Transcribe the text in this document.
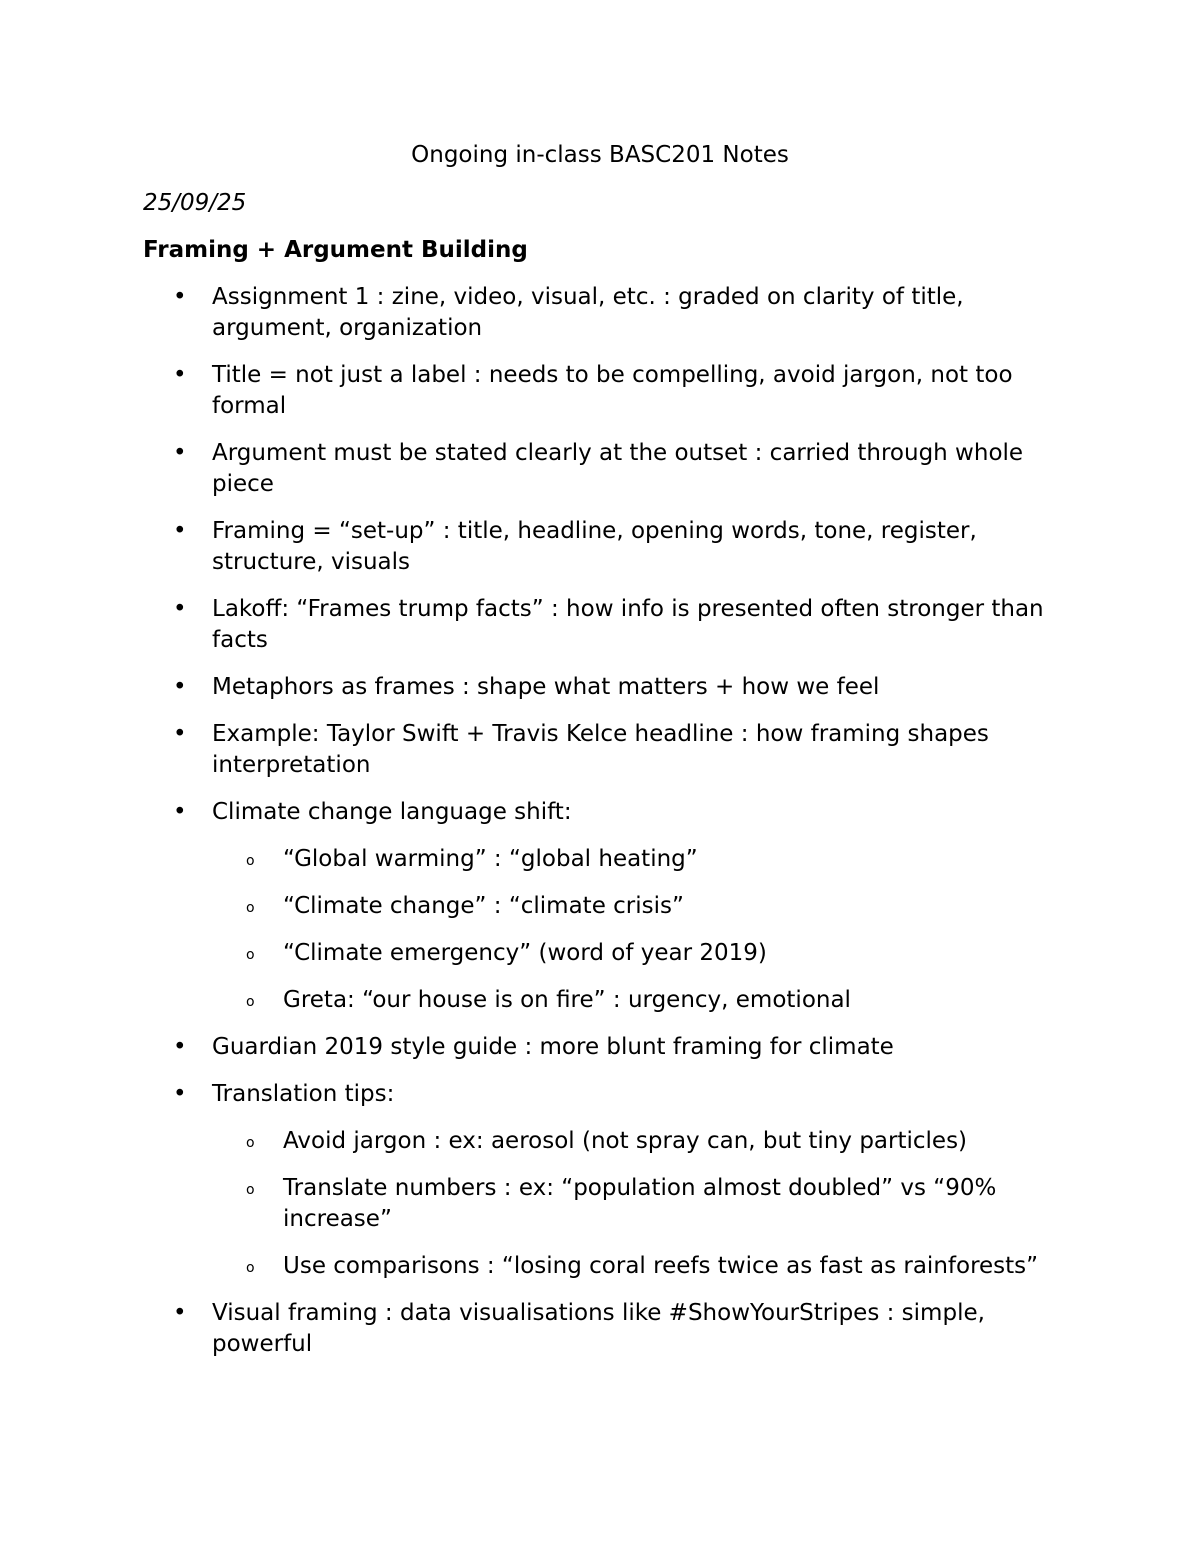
Ongoing in-class BASC201 Notes
25/09/25
Framing + Argument Building
• Assignment 1 : zine, video, visual, etc. : graded on clarity of title, argument, organization
• Title = not just a label : needs to be compelling, avoid jargon, not too formal
• Argument must be stated clearly at the outset : carried through whole piece
• Framing = “set-up” : title, headline, opening words, tone, register, structure, visuals
• Lakoff: “Frames trump facts” : how info is presented often stronger than facts
• Metaphors as frames : shape what matters + how we feel
• Example: Taylor Swift + Travis Kelce headline : how framing shapes interpretation
• Climate change language shift:
o “Global warming” : “global heating”
o “Climate change” : “climate crisis”
o “Climate emergency” (word of year 2019)
o Greta: “our house is on fire” : urgency, emotional
• Guardian 2019 style guide : more blunt framing for climate
• Translation tips:
o Avoid jargon : ex: aerosol (not spray can, but tiny particles)
o Translate numbers : ex: “population almost doubled” vs “90% increase”
o Use comparisons : “losing coral reefs twice as fast as rainforests”
• Visual framing : data visualisations like #ShowYourStripes : simple, powerful
